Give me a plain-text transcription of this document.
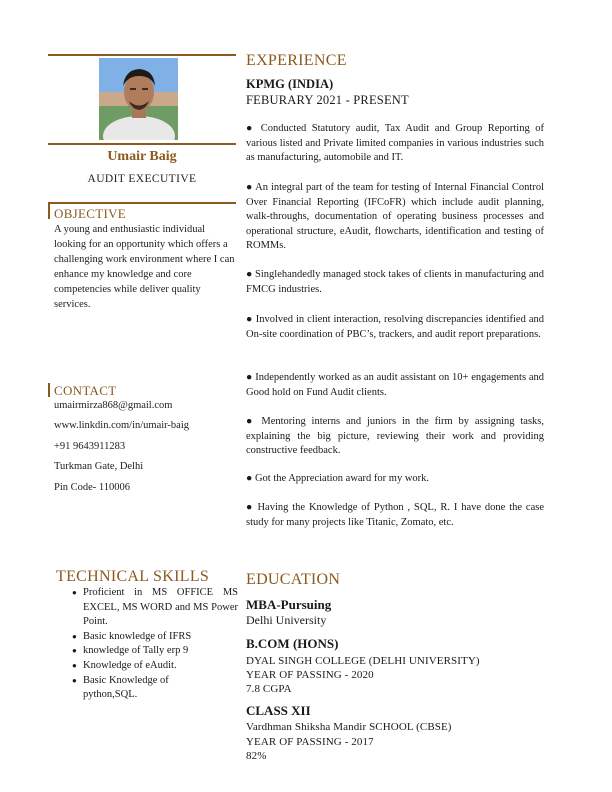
Umair Baig
AUDIT EXECUTIVE
OBJECTIVE
A young and enthusiastic individual looking for an opportunity which offers a challenging work environment where I can enhance my knowledge and core competencies while deliver quality services.
CONTACT
umairmirza868@gmail.com
www.linkdin.com/in/umair-baig
+91 9643911283
Turkman Gate, Delhi
Pin Code- 110006
TECHNICAL SKILLS
● Proficient in MS OFFICE MS EXCEL, MS WORD and MS Power Point.
● Basic knowledge of IFRS
● knowledge of Tally erp 9
● Knowledge of eAudit.
● Basic Knowledge of python,SQL.
EXPERIENCE
KPMG (INDIA)
FEBURARY 2021 - PRESENT
● Conducted Statutory audit, Tax Audit and Group Reporting of various listed and Private limited companies in various industries such as manufacturing, automobile and IT.
● An integral part of the team for testing of Internal Financial Control Over Financial Reporting (IFCoFR) which include audit planning, walk-throughs, documentation of operating business processes and operational structure, eAudit, flowcharts, identification and testing of ROMMs.
● Singlehandedly managed stock takes of clients in manufacturing and FMCG industries.
● Involved in client interaction, resolving discrepancies identified and On-site coordination of PBC’s, trackers, and audit report preparations.
● Independently worked as an audit assistant on 10+ engagements and Good hold on Fund Audit clients.
● Mentoring interns and juniors in the firm by assigning tasks, explaining the big picture, reviewing their work and providing constructive feedback.
● Got the Appreciation award for my work.
● Having the Knowledge of Python , SQL, R. I have done the case study for many projects like Titanic, Zomato, etc.
EDUCATION
MBA-Pursuing
Delhi University
B.COM (HONS)
DYAL SINGH COLLEGE (DELHI UNIVERSITY)
YEAR OF PASSING - 2020
7.8 CGPA
CLASS XII
Vardhman Shiksha Mandir SCHOOL (CBSE)
YEAR OF PASSING - 2017
82%
